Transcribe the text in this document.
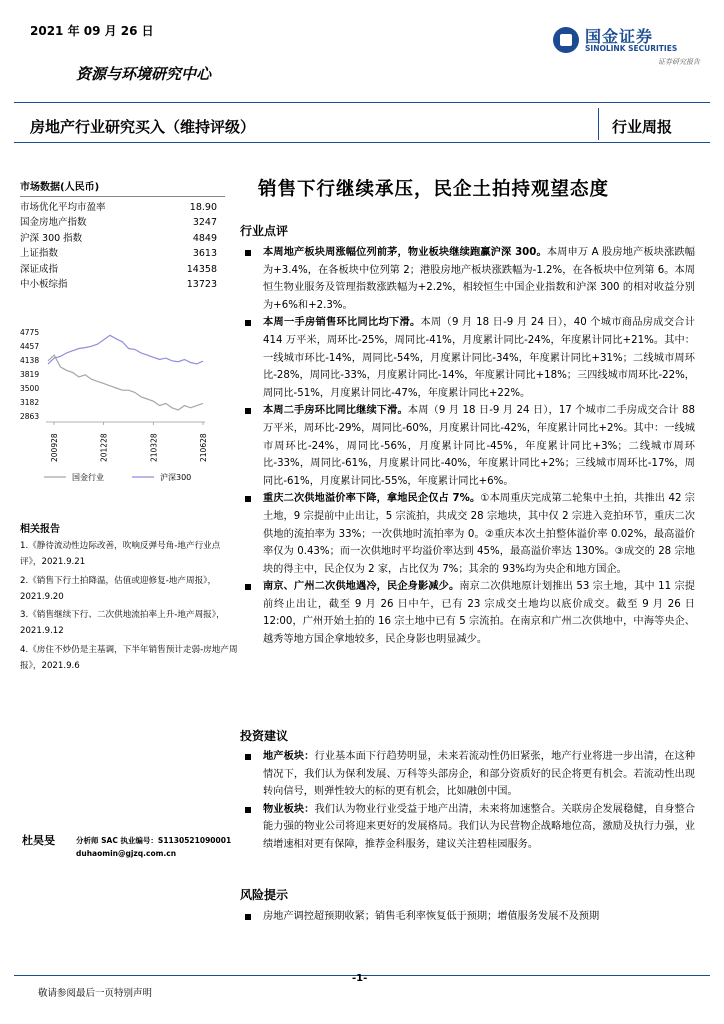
2021 年 09 月 26 日	国金证券
SINOLINK SECURITIES
证券研究报告
资源与环境研究中心
房地产行业研究买入（维持评级）	行业周报
市场数据(人民币)
市场优化平均市盈率	18.90
国金房地产指数	3247
沪深 300 指数	4849
上证指数	3613
深证成指	14358
中小板综指	13723
4775
4457
4138
3819
3500
3182
2863
200928	201228	210328	210628
国金行业	沪深300
相关报告
1.《静待流动性边际改善，吹响反弹号角-地产行业点评》，2021.9.21
2.《销售下行土拍降温，估值或迎修复-地产周报》，2021.9.20
3.《销售继续下行、二次供地流拍率上升-地产周报》，2021.9.12
4.《房住不炒仍是主基调，下半年销售预计走弱-房地产周报》，2021.9.6
杜昊旻	分析师 SAC 执业编号：S1130521090001
duhaomin@gjzq.com.cn
销售下行继续承压，民企土拍持观望态度
行业点评
本周地产板块周涨幅位列前茅，物业板块继续跑赢沪深 300。本周申万 A 股房地产板块涨跌幅为+3.4%，在各板块中位列第 2；港股房地产板块涨跌幅为-1.2%，在各板块中位列第 6。本周恒生物业服务及管理指数涨跌幅为+2.2%，相较恒生中国企业指数和沪深 300 的相对收益分别为+6%和+2.3%。
本周一手房销售环比同比均下滑。本周（9 月 18 日-9 月 24 日），40 个城市商品房成交合计 414 万平米，周环比-25%，周同比-41%，月度累计同比-24%，年度累计同比+21%。其中：一线城市环比-14%，周同比-54%，月度累计同比-34%，年度累计同比+31%；二线城市周环比-28%，周同比-33%，月度累计同比-14%，年度累计同比+18%；三四线城市周环比-22%，周同比-51%，月度累计同比-47%，年度累计同比+22%。
本周二手房环比同比继续下滑。本周（9 月 18 日-9 月 24 日），17 个城市二手房成交合计 88 万平米，周环比-29%，周同比-60%，月度累计同比-42%，年度累计同比+2%。其中：一线城市周环比-24%，周同比-56%，月度累计同比-45%，年度累计同比+3%；二线城市周环比-33%，周同比-61%，月度累计同比-40%，年度累计同比+2%；三线城市周环比-17%，周同比-61%，月度累计同比-55%，年度累计同比+6%。
重庆二次供地溢价率下降，拿地民企仅占 7%。①本周重庆完成第二轮集中土拍，共推出 42 宗土地，9 宗提前中止出让，5 宗流拍，共成交 28 宗地块，其中仅 2 宗进入竞拍环节，重庆二次供地的流拍率为 33%；一次供地时流拍率为 0。②重庆本次土拍整体溢价率 0.02%，最高溢价率仅为 0.43%；而一次供地时平均溢价率达到 45%，最高溢价率达 130%。③成交的 28 宗地块的得主中，民企仅为 2 家，占比仅为 7%；其余的 93%均为央企和地方国企。
南京、广州二次供地遇冷，民企身影减少。南京二次供地原计划推出 53 宗土地，其中 11 宗提前终止出让，截至 9 月 26 日中午，已有 23 宗成交土地均以底价成交。截至 9 月 26 日 12:00，广州开始土拍的 16 宗土地中已有 5 宗流拍。在南京和广州二次供地中，中海等央企、越秀等地方国企拿地较多，民企身影也明显减少。
投资建议
地产板块：行业基本面下行趋势明显，未来若流动性仍旧紧张，地产行业将进一步出清，在这种情况下，我们认为保利发展、万科等头部房企，和部分资质好的民企将更有机会。若流动性出现转向信号，则弹性较大的标的更有机会，比如融创中国。
物业板块：我们认为物业行业受益于地产出清，未来将加速整合。关联房企发展稳健，自身整合能力强的物业公司将迎来更好的发展格局。我们认为民营物企战略地位高，激励及执行力强，业绩增速相对更有保障，推荐金科服务，建议关注碧桂园服务。
风险提示
房地产调控超预期收紧；销售毛利率恢复低于预期；增值服务发展不及预期
-1-
敬请参阅最后一页特别声明
